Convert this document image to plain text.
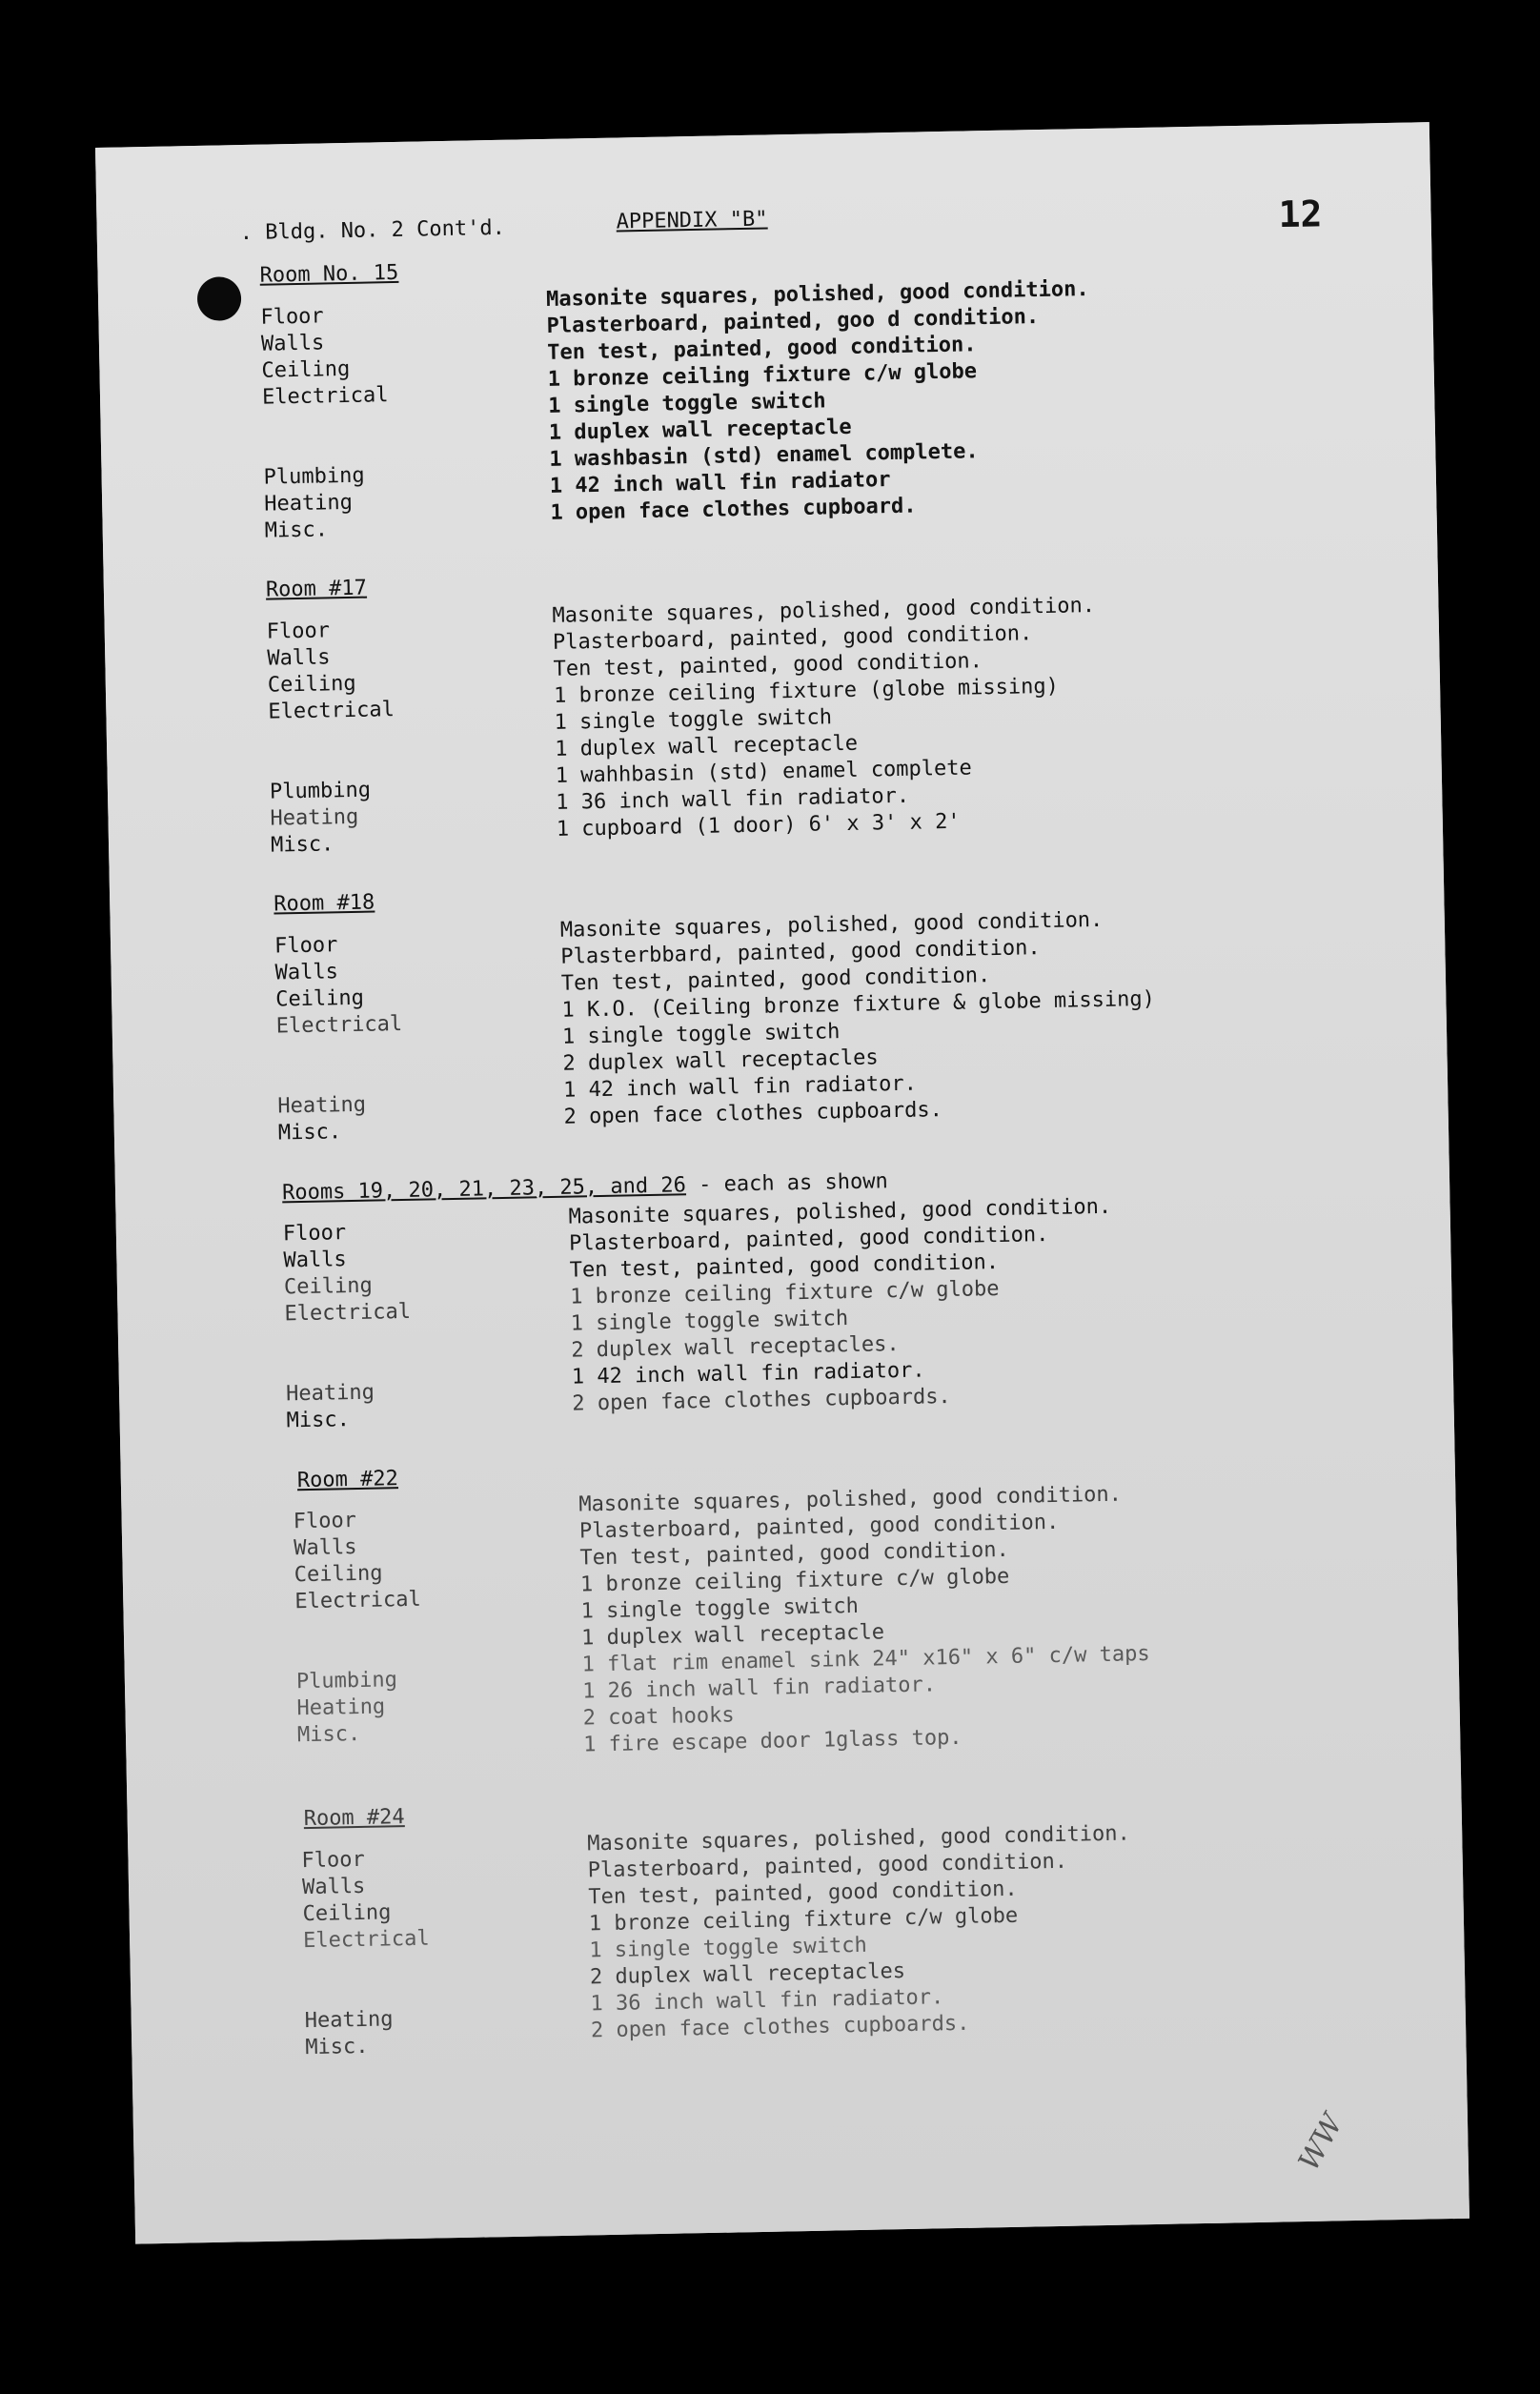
. Bldg. No. 2 Cont'd.	APPENDIX "B"	12
Room No. 15
Floor
Walls
Ceiling
Electrical
Plumbing
Heating
Misc.
Masonite squares, polished, good condition.
Plasterboard, painted, goo d condition.
Ten test, painted, good condition.
1 bronze ceiling fixture c/w globe
1 single toggle switch
1 duplex wall receptacle
1 washbasin (std) enamel complete.
1 42 inch wall fin radiator
1 open face clothes cupboard.
Room #17
Floor
Walls
Ceiling
Electrical
Plumbing
Heating
Misc.
Masonite squares, polished, good condition.
Plasterboard, painted, good condition.
Ten test, painted, good condition.
1 bronze ceiling fixture (globe missing)
1 single toggle switch
1 duplex wall receptacle
1 wahhbasin (std) enamel complete
1 36 inch wall fin radiator.
1 cupboard (1 door) 6' x 3' x 2'
Room #18
Floor
Walls
Ceiling
Electrical
Heating
Misc.
Masonite squares, polished, good condition.
Plasterbbard, painted, good condition.
Ten test, painted, good condition.
1 K.O. (Ceiling bronze fixture & globe missing)
1 single toggle switch
2 duplex wall receptacles
1 42 inch wall fin radiator.
2 open face clothes cupboards.
Rooms 19, 20, 21, 23, 25, and 26 - each as shown
Floor
Walls
Ceiling
Electrical
Heating
Misc.
Masonite squares, polished, good condition.
Plasterboard, painted, good condition.
Ten test, painted, good condition.
1 bronze ceiling fixture c/w globe
1 single toggle switch
2 duplex wall receptacles.
1 42 inch wall fin radiator.
2 open face clothes cupboards.
Room #22
Floor
Walls
Ceiling
Electrical
Plumbing
Heating
Misc.
Masonite squares, polished, good condition.
Plasterboard, painted, good condition.
Ten test, painted, good condition.
1 bronze ceiling fixture c/w globe
1 single toggle switch
1 duplex wall receptacle
1 flat rim enamel sink 24" x16" x 6" c/w taps
1 26 inch wall fin radiator.
2 coat hooks
1 fire escape door 1glass top.
Room #24
Floor
Walls
Ceiling
Electrical
Heating
Misc.
Masonite squares, polished, good condition.
Plasterboard, painted, good condition.
Ten test, painted, good condition.
1 bronze ceiling fixture c/w globe
1 single toggle switch
2 duplex wall receptacles
1 36 inch wall fin radiator.
2 open face clothes cupboards.
WW
